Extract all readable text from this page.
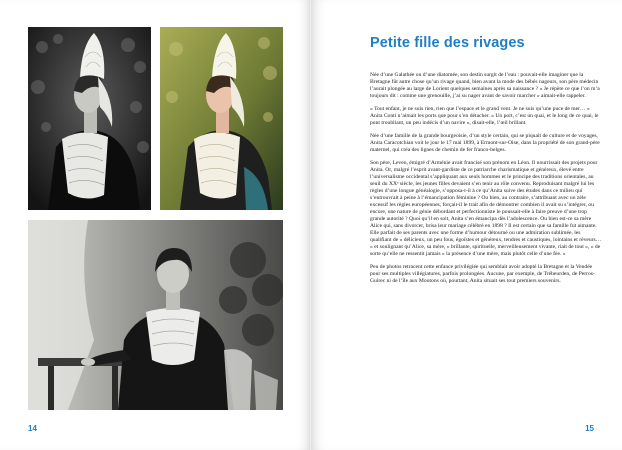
14
Petite fille des rivages

Née d’une Galathée ou d’une diatomée, son destin surgit de l’eau : pouvait-elle imaginer que la Bretagne fût autre chose qu’un rivage quand, bien avant la mode des bébés nageurs, son père médecin l’aurait plongée au large de Lorient quelques semaines après sa naissance ? « Je répète ce que l’on m’a toujours dit : comme une grenouille, j’ai su nager avant de savoir marcher » aimait-elle rappeler.

« Tout enfant, je ne suis rien, rien que l’espace et le grand vent. Je ne suis qu’une puce de mer… » Anita Conti n’aimait les ports que pour s’en détacher. « Un port, c’est un quai, et le long de ce quai, le pont troubliant, un peu indécis d’un navire », disait-elle, l’œil brillant.

Née d’une famille de la grande bourgeoisie, d’un style certain, qui se piquait de culture et de voyages, Anita Caracotchian voit le jour le 17 mai 1899, à Ermont-sur-Oise, dans la propriété de son grand-père maternel, qui créa des lignes de chemin de fer franco-belges.

Son père, Leven, émigré d’Arménie avait francisé son prénom en Léon. Il nourrissait des projets pour Anita. Or, malgré l’esprit avant-gardiste de ce patriarche charismatique et généreux, élevé entre l’universalisme occidental s’appliquant aux seuls hommes et le principe des traditions orientales, au seuil du XXᵉ siècle, les jeunes filles devaient s’en tenir au rôle convenu. Reproduisant malgré lui les règles d’une longue généalogie, s’opposa-t-il à ce qu’Anita suive des études dans ce milieu qui s’entrouvrait à peine à l’émancipation féminine ? Ou bien, au contraire, s’attribuant avec un zèle excessif les règles européennes, forçait-il le trait afin de démontrer combien il avait su s’intégrer, ou encore, une nature de génie débordant et perfectionniste le poussait-elle à faire preuve d’une trop grande autorité ? Quoi qu’il en soit, Anita s’en émancipa dès l’adolescence. Ou bien est-ce sa mère Alice qui, sans divorcer, brisa leur mariage célébré en 1898 ? Il est certain que sa famille fut aimante. Elle parfait de ses parents avec une forme d’humour détourné ou une admiration sublimée, les qualifiant de « délicieux, un peu fous, égoïstes et généreux, tendres et caustiques, lointains et rêveurs… » et soulignant qu’Alice, sa mère, « brillante, spirituelle, merveilleusement vivante, riait de tout », « de sorte qu’elle ne ressentit jamais » la présence d’une mère, mais plutôt celle d’une fée. »

Peu de photos retracent cette enfance privilégiée qui semblait avoir adopté la Bretagne et la Vendée pour ses multiples villégiatures, parfois prolongées. Aucune, par exemple, de Trébeurden, de Perros-Guirec ni de l’île aux Moutons où, pourtant, Anita situait ses tout premiers souvenirs.

15
